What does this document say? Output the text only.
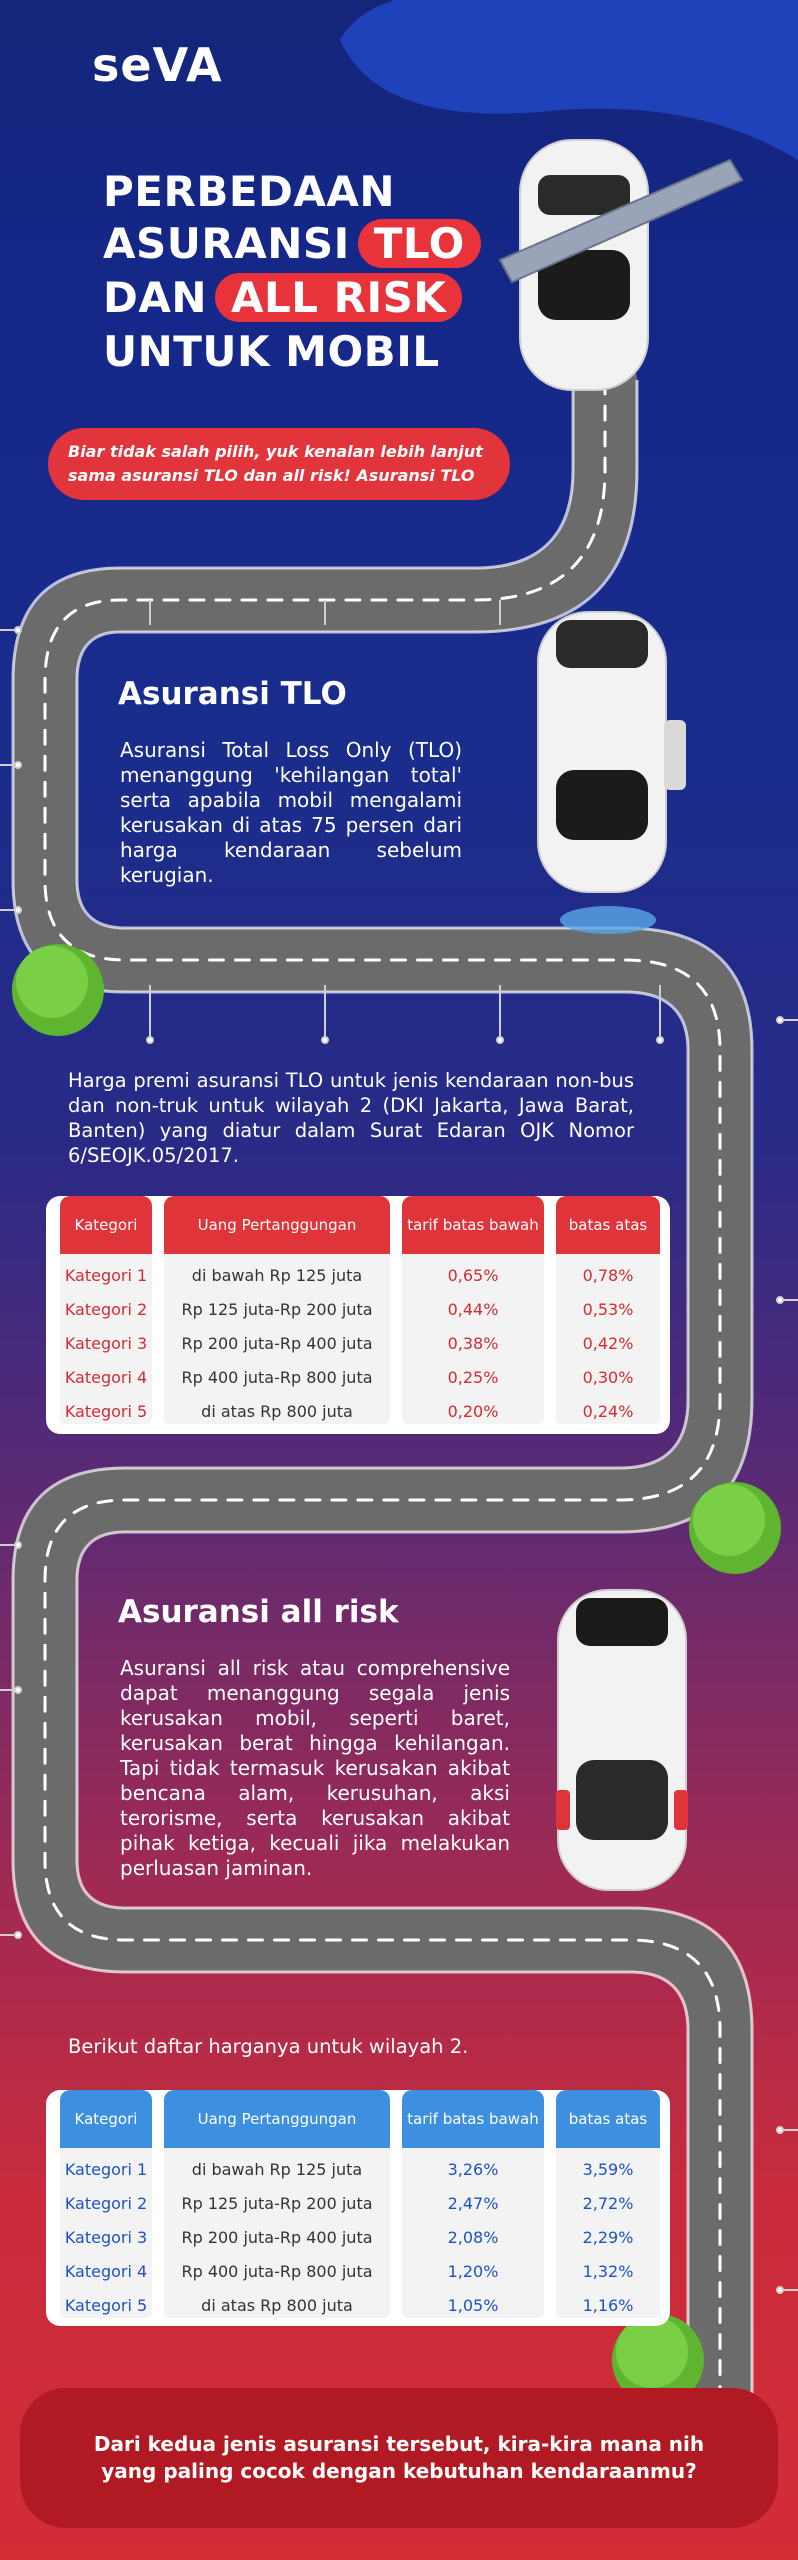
seVA
PERBEDAAN
ASURANSI TLO
DAN ALL RISK
UNTUK MOBIL
Biar tidak salah pilih, yuk kenalan lebih lanjut sama asuransi TLO dan all risk! Asuransi TLO
Asuransi TLO
Asuransi Total Loss Only (TLO) menanggung 'kehilangan total' serta apabila mobil mengalami kerusakan di atas 75 persen dari harga kendaraan sebelum kerugian.
Harga premi asuransi TLO untuk jenis kendaraan non-bus dan non-truk untuk wilayah 2 (DKI Jakarta, Jawa Barat, Banten) yang diatur dalam Surat Edaran OJK Nomor 6/SEOJK.05/2017.
Kategori	Uang Pertanggungan	tarif batas bawah	batas atas
Kategori 1	di bawah Rp 125 juta	0,65%	0,78%
Kategori 2	Rp 125 juta-Rp 200 juta	0,44%	0,53%
Kategori 3	Rp 200 juta-Rp 400 juta	0,38%	0,42%
Kategori 4	Rp 400 juta-Rp 800 juta	0,25%	0,30%
Kategori 5	di atas Rp 800 juta	0,20%	0,24%
Asuransi all risk
Asuransi all risk atau comprehensive dapat menanggung segala jenis kerusakan mobil, seperti baret, kerusakan berat hingga kehilangan. Tapi tidak termasuk kerusakan akibat bencana alam, kerusuhan, aksi terorisme, serta kerusakan akibat pihak ketiga, kecuali jika melakukan perluasan jaminan.
Berikut daftar harganya untuk wilayah 2.
Kategori	Uang Pertanggungan	tarif batas bawah	batas atas
Kategori 1	di bawah Rp 125 juta	3,26%	3,59%
Kategori 2	Rp 125 juta-Rp 200 juta	2,47%	2,72%
Kategori 3	Rp 200 juta-Rp 400 juta	2,08%	2,29%
Kategori 4	Rp 400 juta-Rp 800 juta	1,20%	1,32%
Kategori 5	di atas Rp 800 juta	1,05%	1,16%
Dari kedua jenis asuransi tersebut, kira-kira mana nih yang paling cocok dengan kebutuhan kendaraanmu?
